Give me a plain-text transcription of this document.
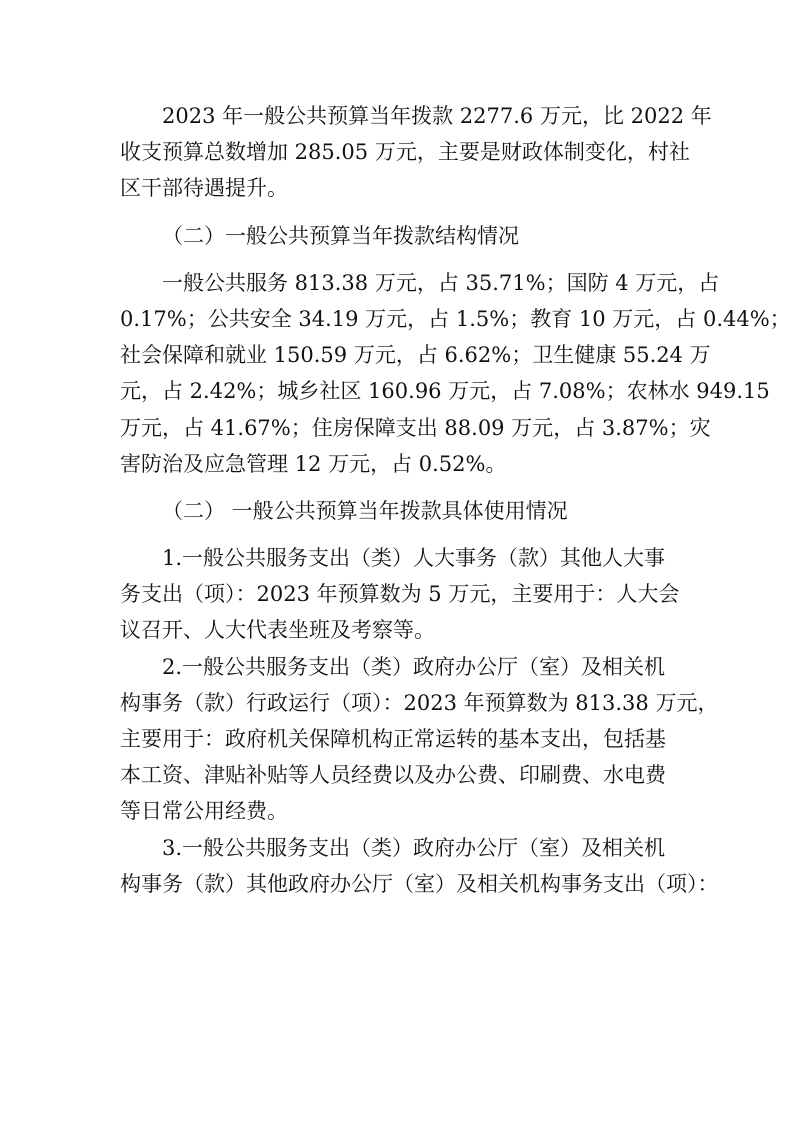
2023 年一般公共预算当年拨款 2277.6 万元，比 2022 年
收支预算总数增加 285.05 万元，主要是财政体制变化，村社
区干部待遇提升。
（二）一般公共预算当年拨款结构情况
一般公共服务 813.38 万元，占 35.71%；国防 4 万元，占
0.17%；公共安全 34.19 万元，占 1.5%；教育 10 万元，占 0.44%；
社会保障和就业 150.59 万元，占 6.62%；卫生健康 55.24 万
元，占 2.42%；城乡社区 160.96 万元，占 7.08%；农林水 949.15
万元，占 41.67%；住房保障支出 88.09 万元，占 3.87%；灾
害防治及应急管理 12 万元，占 0.52%。
（二） 一般公共预算当年拨款具体使用情况
1.一般公共服务支出（类）人大事务（款）其他人大事
务支出（项）：2023 年预算数为 5 万元，主要用于：人大会
议召开、人大代表坐班及考察等。
2.一般公共服务支出（类）政府办公厅（室）及相关机
构事务（款）行政运行（项）：2023 年预算数为 813.38 万元，
主要用于：政府机关保障机构正常运转的基本支出，包括基
本工资、津贴补贴等人员经费以及办公费、印刷费、水电费
等日常公用经费。
3.一般公共服务支出（类）政府办公厅（室）及相关机
构事务（款）其他政府办公厅（室）及相关机构事务支出（项）：
